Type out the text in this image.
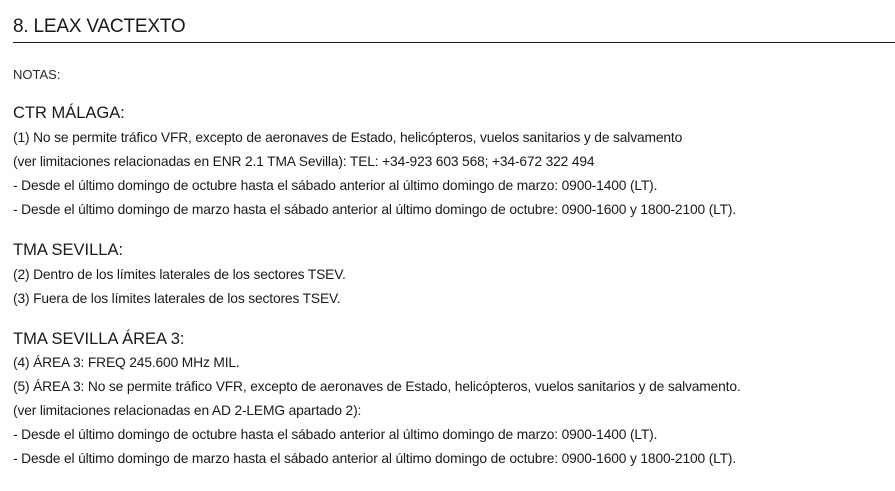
8. LEAX VACTEXTO
NOTAS:
CTR MÁLAGA:
(1) No se permite tráfico VFR, excepto de aeronaves de Estado, helicópteros, vuelos sanitarios y de salvamento
(ver limitaciones relacionadas en ENR 2.1 TMA Sevilla): TEL: +34-923 603 568; +34-672 322 494
- Desde el último domingo de octubre hasta el sábado anterior al último domingo de marzo: 0900-1400 (LT).
- Desde el último domingo de marzo hasta el sábado anterior al último domingo de octubre: 0900-1600 y 1800-2100 (LT).
TMA SEVILLA:
(2) Dentro de los límites laterales de los sectores TSEV.
(3) Fuera de los límites laterales de los sectores TSEV.
TMA SEVILLA ÁREA 3:
(4) ÁREA 3: FREQ 245.600 MHz MIL.
(5) ÁREA 3: No se permite tráfico VFR, excepto de aeronaves de Estado, helicópteros, vuelos sanitarios y de salvamento.
(ver limitaciones relacionadas en AD 2-LEMG apartado 2):
- Desde el último domingo de octubre hasta el sábado anterior al último domingo de marzo: 0900-1400 (LT).
- Desde el último domingo de marzo hasta el sábado anterior al último domingo de octubre: 0900-1600 y 1800-2100 (LT).
